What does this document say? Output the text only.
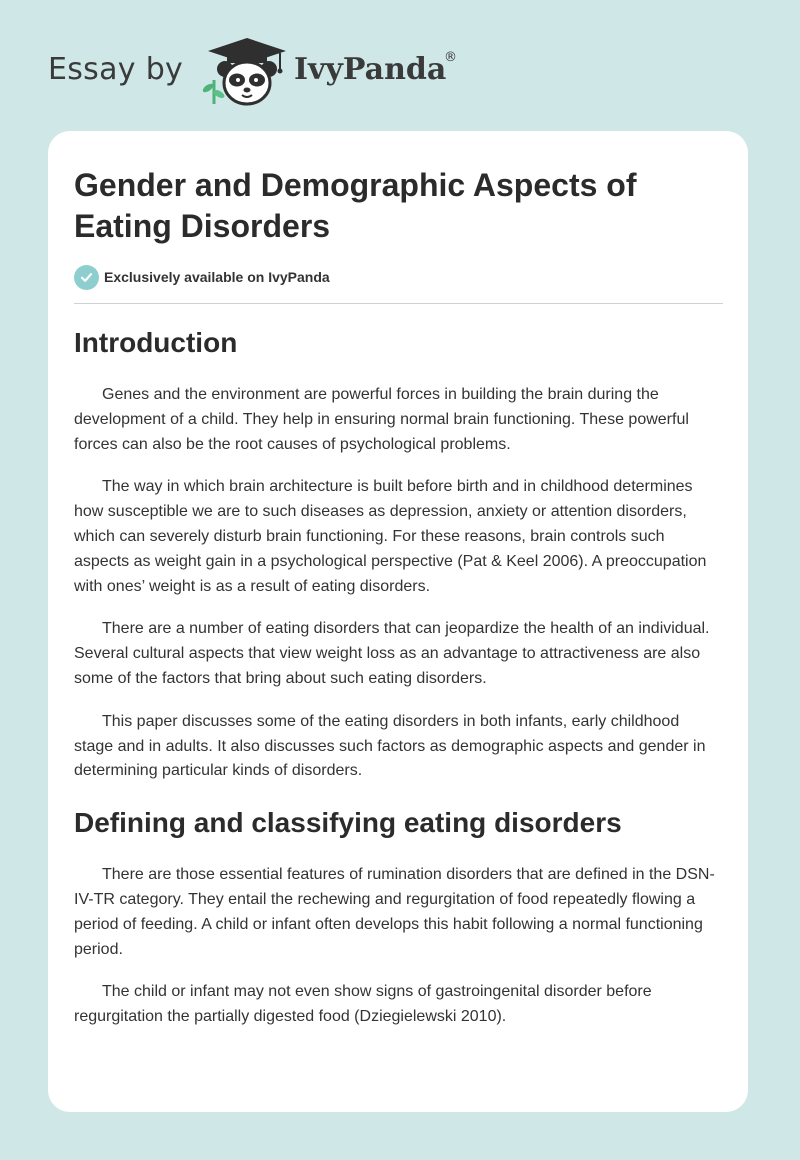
Essay by	IvyPanda
®
Gender and Demographic Aspects of Eating Disorders
Exclusively available on IvyPanda
Introduction

Genes and the environment are powerful forces in building the brain during the development of a child. They help in ensuring normal brain functioning. These powerful forces can also be the root causes of psychological problems.

The way in which brain architecture is built before birth and in childhood determines how susceptible we are to such diseases as depression, anxiety or attention disorders, which can severely disturb brain functioning. For these reasons, brain controls such aspects as weight gain in a psychological perspective (Pat & Keel 2006). A preoccupation with ones’ weight is as a result of eating disorders.

There are a number of eating disorders that can jeopardize the health of an individual. Several cultural aspects that view weight loss as an advantage to attractiveness are also some of the factors that bring about such eating disorders.

This paper discusses some of the eating disorders in both infants, early childhood stage and in adults. It also discusses such factors as demographic aspects and gender in determining particular kinds of disorders.

Defining and classifying eating disorders

There are those essential features of rumination disorders that are defined in the DSN-IV-TR category. They entail the rechewing and regurgitation of food repeatedly flowing a period of feeding. A child or infant often develops this habit following a normal functioning period.

The child or infant may not even show signs of gastroingenital disorder before regurgitation the partially digested food (Dziegielewski 2010).
